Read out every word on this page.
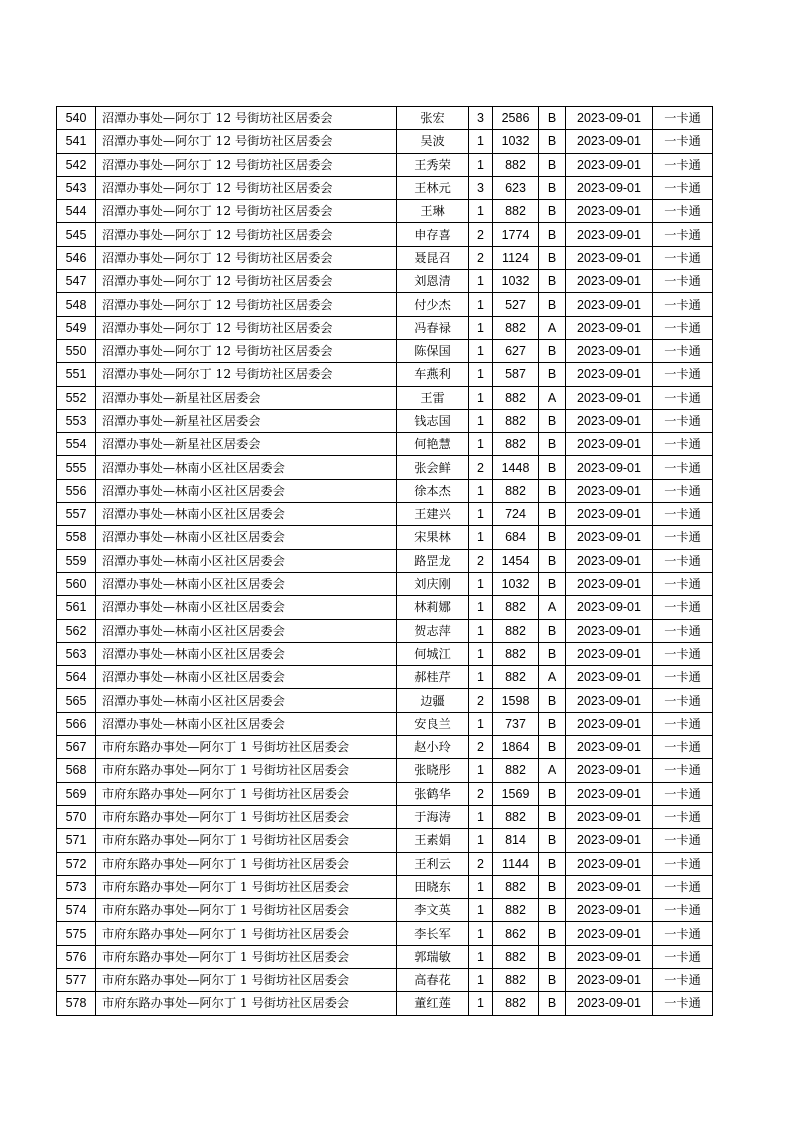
540	沼潭办事处—阿尔丁 12 号街坊社区居委会	张宏	3	2586	B	2023-09-01	一卡通
541	沼潭办事处—阿尔丁 12 号街坊社区居委会	吴波	1	1032	B	2023-09-01	一卡通
542	沼潭办事处—阿尔丁 12 号街坊社区居委会	王秀荣	1	882	B	2023-09-01	一卡通
543	沼潭办事处—阿尔丁 12 号街坊社区居委会	王林元	3	623	B	2023-09-01	一卡通
544	沼潭办事处—阿尔丁 12 号街坊社区居委会	王琳	1	882	B	2023-09-01	一卡通
545	沼潭办事处—阿尔丁 12 号街坊社区居委会	申存喜	2	1774	B	2023-09-01	一卡通
546	沼潭办事处—阿尔丁 12 号街坊社区居委会	聂昆召	2	1124	B	2023-09-01	一卡通
547	沼潭办事处—阿尔丁 12 号街坊社区居委会	刘恩清	1	1032	B	2023-09-01	一卡通
548	沼潭办事处—阿尔丁 12 号街坊社区居委会	付少杰	1	527	B	2023-09-01	一卡通
549	沼潭办事处—阿尔丁 12 号街坊社区居委会	冯春禄	1	882	A	2023-09-01	一卡通
550	沼潭办事处—阿尔丁 12 号街坊社区居委会	陈保国	1	627	B	2023-09-01	一卡通
551	沼潭办事处—阿尔丁 12 号街坊社区居委会	车燕利	1	587	B	2023-09-01	一卡通
552	沼潭办事处—新星社区居委会	王雷	1	882	A	2023-09-01	一卡通
553	沼潭办事处—新星社区居委会	钱志国	1	882	B	2023-09-01	一卡通
554	沼潭办事处—新星社区居委会	何艳慧	1	882	B	2023-09-01	一卡通
555	沼潭办事处—林南小区社区居委会	张会鲜	2	1448	B	2023-09-01	一卡通
556	沼潭办事处—林南小区社区居委会	徐本杰	1	882	B	2023-09-01	一卡通
557	沼潭办事处—林南小区社区居委会	王建兴	1	724	B	2023-09-01	一卡通
558	沼潭办事处—林南小区社区居委会	宋果林	1	684	B	2023-09-01	一卡通
559	沼潭办事处—林南小区社区居委会	路罡龙	2	1454	B	2023-09-01	一卡通
560	沼潭办事处—林南小区社区居委会	刘庆刚	1	1032	B	2023-09-01	一卡通
561	沼潭办事处—林南小区社区居委会	林莉娜	1	882	A	2023-09-01	一卡通
562	沼潭办事处—林南小区社区居委会	贺志萍	1	882	B	2023-09-01	一卡通
563	沼潭办事处—林南小区社区居委会	何城江	1	882	B	2023-09-01	一卡通
564	沼潭办事处—林南小区社区居委会	郝桂芹	1	882	A	2023-09-01	一卡通
565	沼潭办事处—林南小区社区居委会	边疆	2	1598	B	2023-09-01	一卡通
566	沼潭办事处—林南小区社区居委会	安良兰	1	737	B	2023-09-01	一卡通
567	市府东路办事处—阿尔丁 1 号街坊社区居委会	赵小玲	2	1864	B	2023-09-01	一卡通
568	市府东路办事处—阿尔丁 1 号街坊社区居委会	张晓彤	1	882	A	2023-09-01	一卡通
569	市府东路办事处—阿尔丁 1 号街坊社区居委会	张鹤华	2	1569	B	2023-09-01	一卡通
570	市府东路办事处—阿尔丁 1 号街坊社区居委会	于海涛	1	882	B	2023-09-01	一卡通
571	市府东路办事处—阿尔丁 1 号街坊社区居委会	王素娟	1	814	B	2023-09-01	一卡通
572	市府东路办事处—阿尔丁 1 号街坊社区居委会	王利云	2	1144	B	2023-09-01	一卡通
573	市府东路办事处—阿尔丁 1 号街坊社区居委会	田晓东	1	882	B	2023-09-01	一卡通
574	市府东路办事处—阿尔丁 1 号街坊社区居委会	李文英	1	882	B	2023-09-01	一卡通
575	市府东路办事处—阿尔丁 1 号街坊社区居委会	李长军	1	862	B	2023-09-01	一卡通
576	市府东路办事处—阿尔丁 1 号街坊社区居委会	郭瑞敏	1	882	B	2023-09-01	一卡通
577	市府东路办事处—阿尔丁 1 号街坊社区居委会	高春花	1	882	B	2023-09-01	一卡通
578	市府东路办事处—阿尔丁 1 号街坊社区居委会	董红莲	1	882	B	2023-09-01	一卡通
